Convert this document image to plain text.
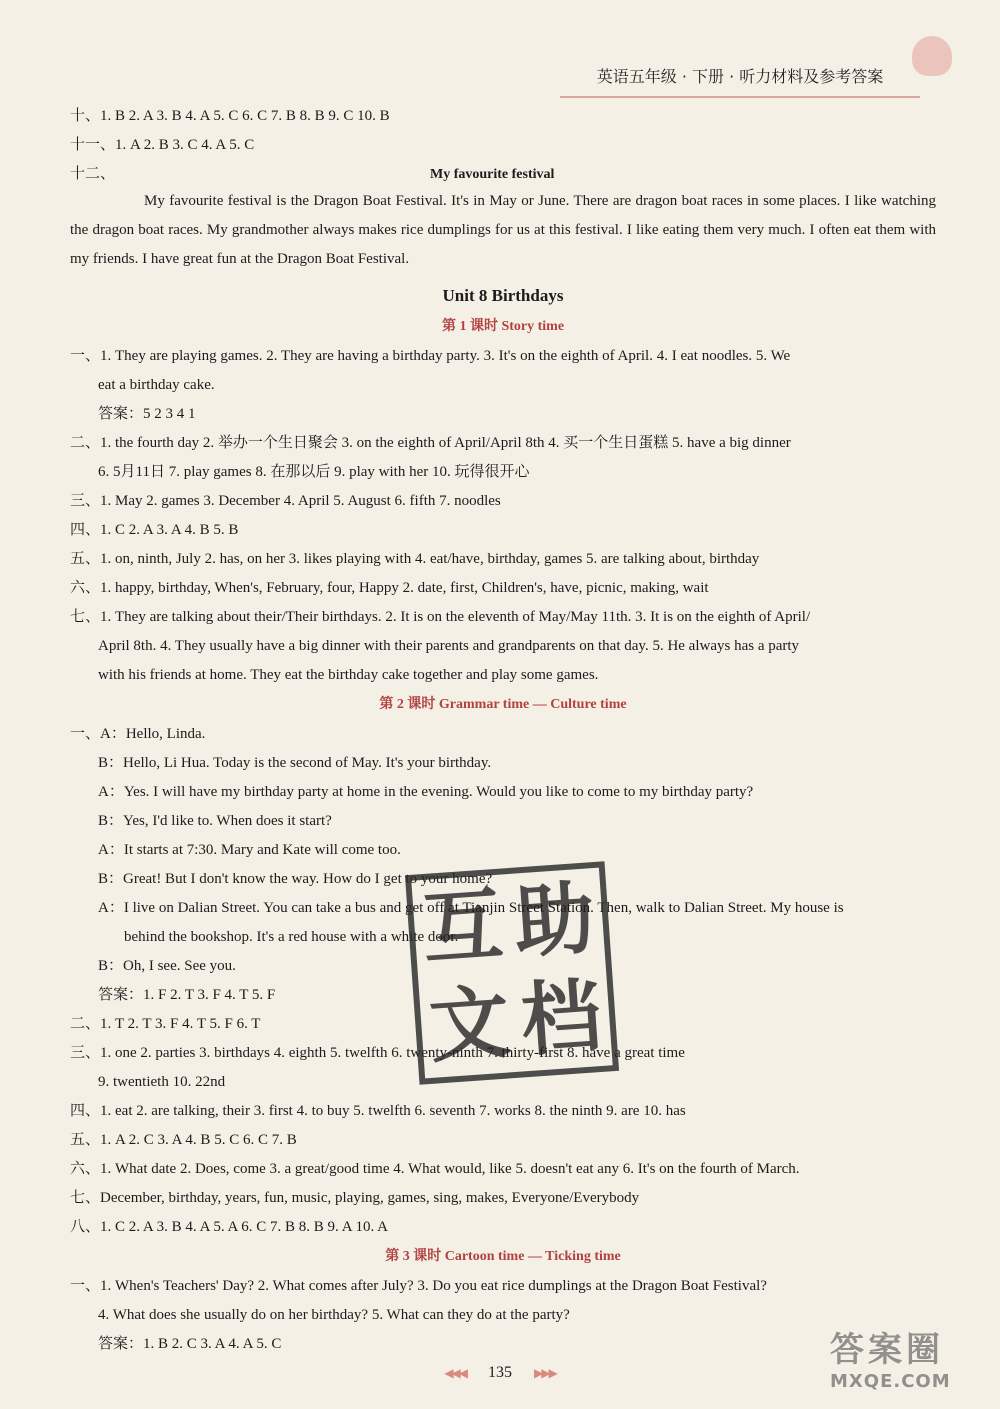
英语五年级 · 下册 · 听力材料及参考答案
十、1. B 2. A 3. B 4. A 5. C 6. C 7. B 8. B 9. C 10. B
十一、1. A 2. B 3. C 4. A 5. C
十二、	My favourite festival
My favourite festival is the Dragon Boat Festival. It's in May or June. There are dragon boat races in some places. I like watching the dragon boat races. My grandmother always makes rice dumplings for us at this festival. I like eating them very much. I often eat them with my friends. I have great fun at the Dragon Boat Festival.
Unit 8 Birthdays
第 1 课时 Story time
一、1. They are playing games. 2. They are having a birthday party. 3. It's on the eighth of April. 4. I eat noodles. 5. We
eat a birthday cake.
答案：5 2 3 4 1
二、1. the fourth day 2. 举办一个生日聚会 3. on the eighth of April/April 8th 4. 买一个生日蛋糕 5. have a big dinner
6. 5月11日 7. play games 8. 在那以后 9. play with her 10. 玩得很开心
三、1. May 2. games 3. December 4. April 5. August 6. fifth 7. noodles
四、1. C 2. A 3. A 4. B 5. B
五、1. on, ninth, July 2. has, on her 3. likes playing with 4. eat/have, birthday, games 5. are talking about, birthday
六、1. happy, birthday, When's, February, four, Happy 2. date, first, Children's, have, picnic, making, wait
七、1. They are talking about their/Their birthdays. 2. It is on the eleventh of May/May 11th. 3. It is on the eighth of April/
April 8th. 4. They usually have a big dinner with their parents and grandparents on that day. 5. He always has a party
with his friends at home. They eat the birthday cake together and play some games.
第 2 课时 Grammar time — Culture time
一、A：Hello, Linda.
B：Hello, Li Hua. Today is the second of May. It's your birthday.
A：Yes. I will have my birthday party at home in the evening. Would you like to come to my birthday party?
B：Yes, I'd like to. When does it start?
A：It starts at 7:30. Mary and Kate will come too.
B：Great! But I don't know the way. How do I get to your home?
A：I live on Dalian Street. You can take a bus and get off at Tianjin Street Station. Then, walk to Dalian Street. My house is
behind the bookshop. It's a red house with a white door.
B：Oh, I see. See you.
答案：1. F 2. T 3. F 4. T 5. F
二、1. T 2. T 3. F 4. T 5. F 6. T
三、1. one 2. parties 3. birthdays 4. eighth 5. twelfth 6. twenty-ninth 7. thirty-first 8. have a great time
9. twentieth 10. 22nd
四、1. eat 2. are talking, their 3. first 4. to buy 5. twelfth 6. seventh 7. works 8. the ninth 9. are 10. has
五、1. A 2. C 3. A 4. B 5. C 6. C 7. B
六、1. What date 2. Does, come 3. a great/good time 4. What would, like 5. doesn't eat any 6. It's on the fourth of March.
七、December, birthday, years, fun, music, playing, games, sing, makes, Everyone/Everybody
八、1. C 2. A 3. B 4. A 5. A 6. C 7. B 8. B 9. A 10. A
第 3 课时 Cartoon time — Ticking time
一、1. When's Teachers' Day? 2. What comes after July? 3. Do you eat rice dumplings at the Dragon Boat Festival?
4. What does she usually do on her birthday? 5. What can they do at the party?
答案：1. B 2. C 3. A 4. A 5. C
互 助
文 档
◀◀◀ 135 ▶▶▶
答案圈
MXQE.COM
